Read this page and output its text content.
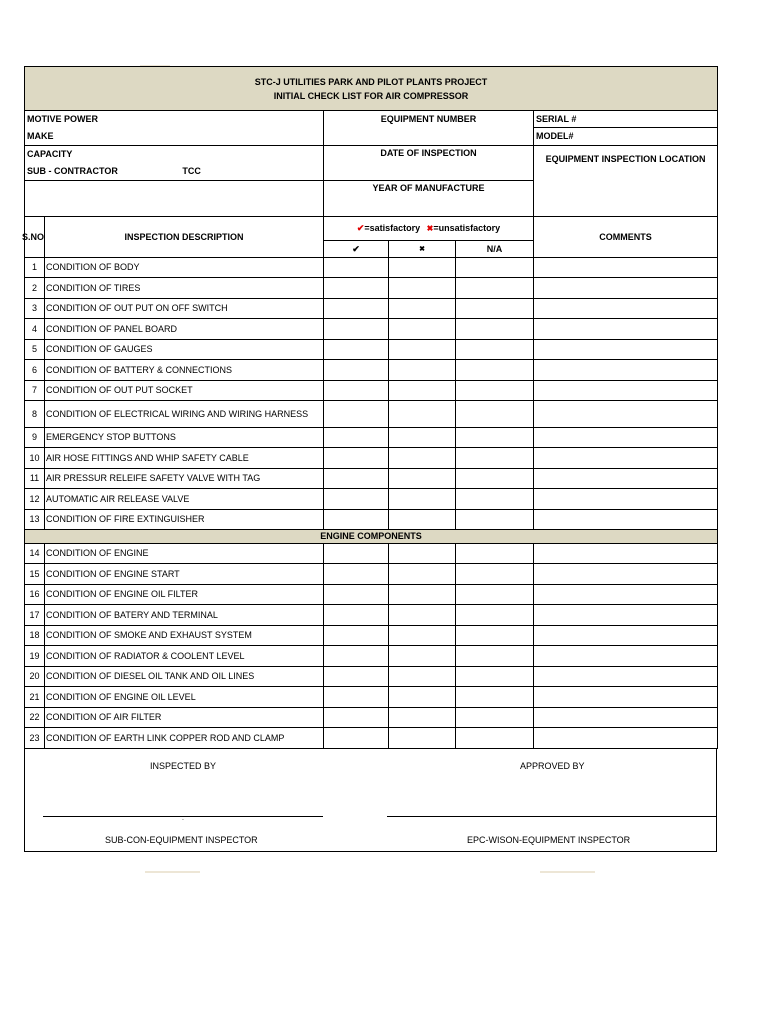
STC-J UTILITIES PARK AND PILOT PLANTS PROJECT
INITIAL CHECK LIST FOR AIR COMPRESSOR					

MOTIVE POWER		EQUIPMENT NUMBER			SERIAL #
MAKE					MODEL#
CAPACITY		DATE OF INSPECTION			EQUIPMENT INSPECTION LOCATION
SUB - CONTRACTOR TCC					
		YEAR OF MANUFACTURE			

S.NO	INSPECTION DESCRIPTION	✔=satisfactory ✖=unsatisfactory			COMMENTS
		✔	✖	N/A	
1	CONDITION OF BODY				
2	CONDITION OF TIRES				
3	CONDITION OF OUT PUT ON OFF SWITCH				
4	CONDITION OF PANEL BOARD				
5	CONDITION OF GAUGES				
6	CONDITION OF BATTERY & CONNECTIONS				
7	CONDITION OF OUT PUT SOCKET				
8	CONDITION OF ELECTRICAL WIRING AND WIRING HARNESS				
9	EMERGENCY STOP BUTTONS				
10	AIR HOSE FITTINGS AND WHIP SAFETY CABLE				
11	AIR PRESSUR RELEIFE SAFETY VALVE WITH TAG				
12	AUTOMATIC AIR RELEASE VALVE				
13	CONDITION OF FIRE EXTINGUISHER				
ENGINE COMPONENTS					
14	CONDITION OF ENGINE				
15	CONDITION OF ENGINE START				
16	CONDITION OF ENGINE OIL FILTER				
17	CONDITION OF BATERY AND TERMINAL				
18	CONDITION OF SMOKE AND EXHAUST SYSTEM				
19	CONDITION OF RADIATOR & COOLENT LEVEL				
20	CONDITION OF DIESEL OIL TANK AND OIL LINES				
21	CONDITION OF ENGINE OIL LEVEL				
22	CONDITION OF AIR FILTER				
23	CONDITION OF EARTH LINK COPPER ROD AND CLAMP				
INSPECTED BY	APPROVED BY
.
SUB-CON-EQUIPMENT INSPECTOR	EPC-WISON-EQUIPMENT INSPECTOR
